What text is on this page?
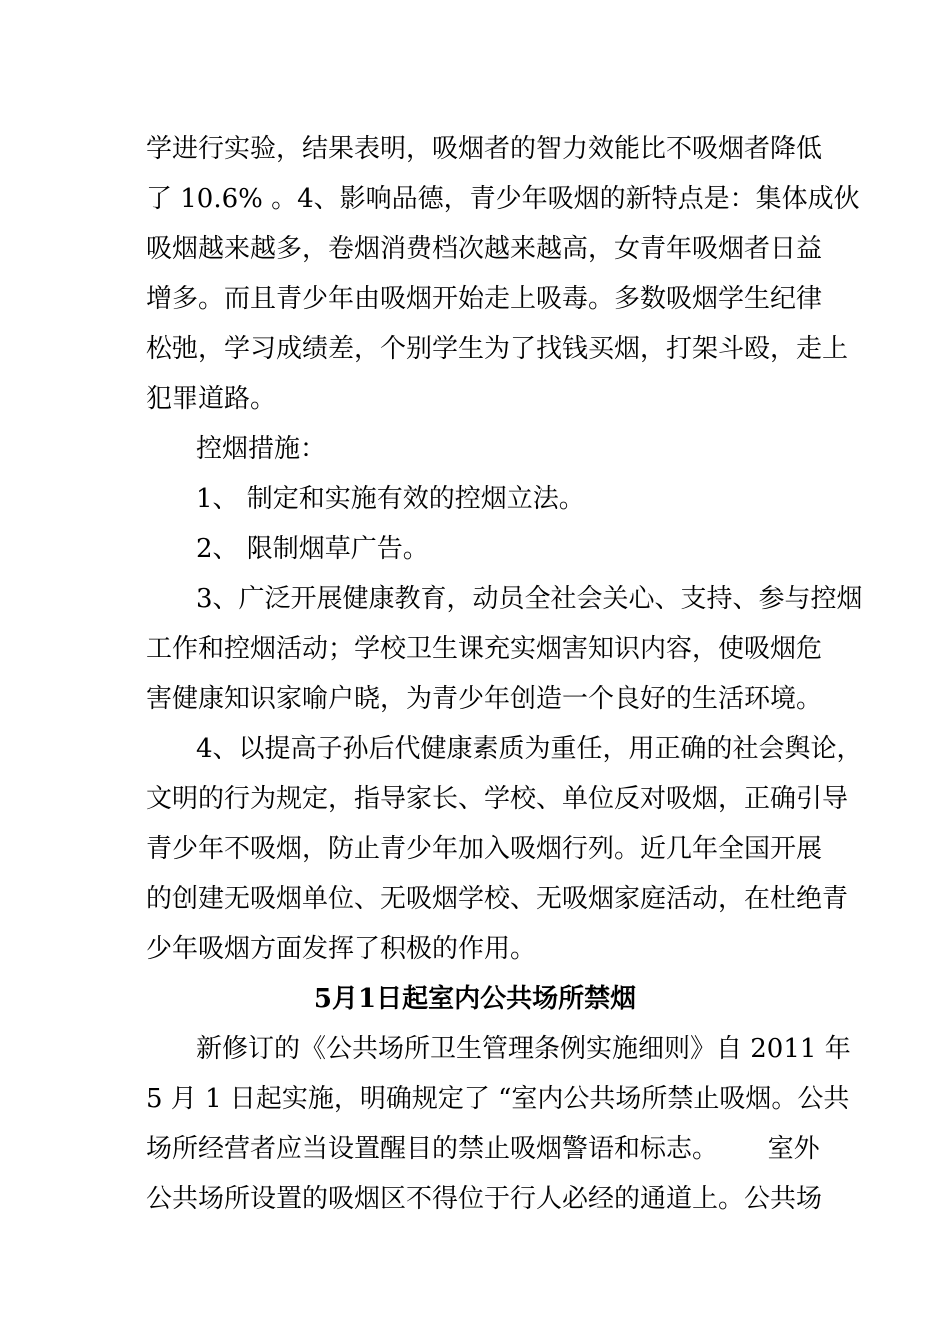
学进行实验，结果表明，吸烟者的智力效能比不吸烟者降低

了 10.6% 。4、影响品德，青少年吸烟的新特点是：集体成伙

吸烟越来越多，卷烟消费档次越来越高，女青年吸烟者日益

增多。而且青少年由吸烟开始走上吸毒。多数吸烟学生纪律

松弛，学习成绩差，个别学生为了找钱买烟，打架斗殴，走上

犯罪道路。

控烟措施：

1、 制定和实施有效的控烟立法。

2、 限制烟草广告。

3、广泛开展健康教育，动员全社会关心、支持、参与控烟

工作和控烟活动；学校卫生课充实烟害知识内容，使吸烟危

害健康知识家喻户晓，为青少年创造一个良好的生活环境。

4、以提高子孙后代健康素质为重任，用正确的社会舆论，

文明的行为规定，指导家长、学校、单位反对吸烟，正确引导

青少年不吸烟，防止青少年加入吸烟行列。近几年全国开展

的创建无吸烟单位、无吸烟学校、无吸烟家庭活动，在杜绝青

少年吸烟方面发挥了积极的作用。

5月1日起室内公共场所禁烟

新修订的《公共场所卫生管理条例实施细则》自 2011 年

5 月 1 日起实施，明确规定了 “室内公共场所禁止吸烟。公共

场所经营者应当设置醒目的禁止吸烟警语和标志。      室外

公共场所设置的吸烟区不得位于行人必经的通道上。公共场
